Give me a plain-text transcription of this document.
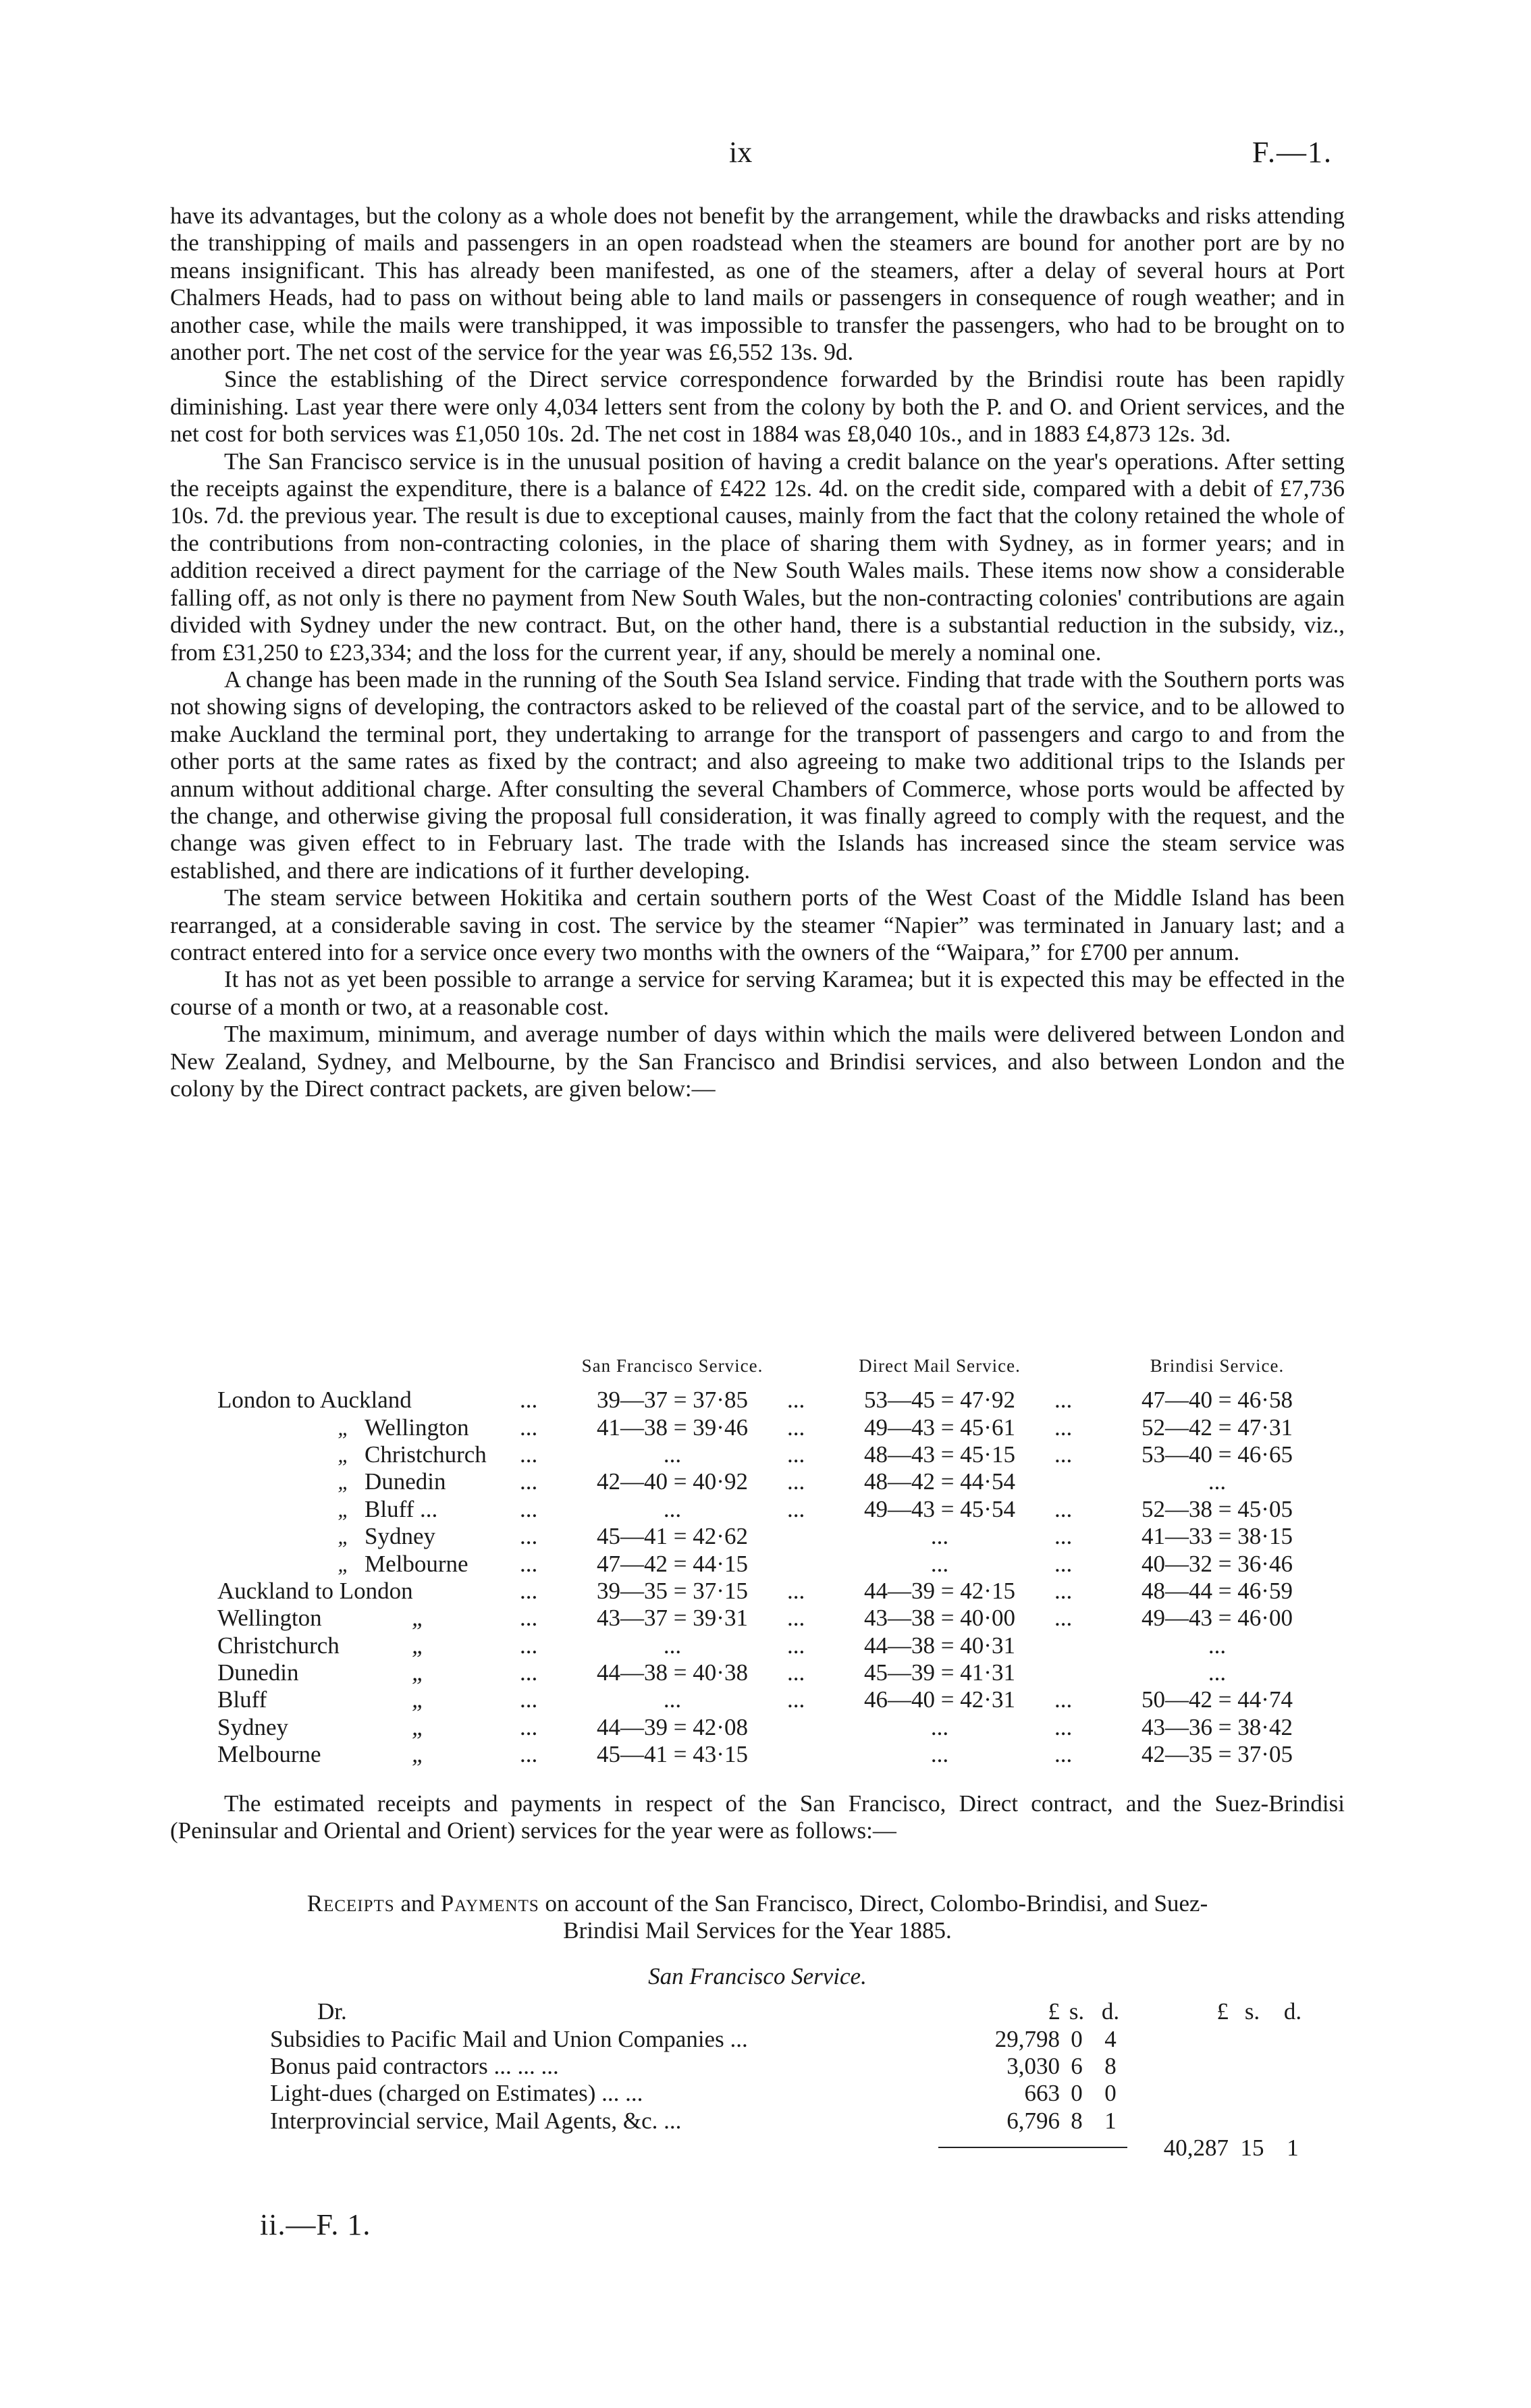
ix	F.—1.

have its advantages, but the colony as a whole does not benefit by the arrangement, while the drawbacks and risks attending the transhipping of mails and passengers in an open roadstead when the steamers are bound for another port are by no means insignificant. This has already been manifested, as one of the steamers, after a delay of several hours at Port Chalmers Heads, had to pass on without being able to land mails or passengers in consequence of rough weather; and in another case, while the mails were transhipped, it was impossible to transfer the passengers, who had to be brought on to another port. The net cost of the service for the year was £6,552 13s. 9d.

Since the establishing of the Direct service correspondence forwarded by the Brindisi route has been rapidly diminishing. Last year there were only 4,034 letters sent from the colony by both the P. and O. and Orient services, and the net cost for both services was £1,050 10s. 2d. The net cost in 1884 was £8,040 10s., and in 1883 £4,873 12s. 3d.

The San Francisco service is in the unusual position of having a credit balance on the year's operations. After setting the receipts against the expenditure, there is a balance of £422 12s. 4d. on the credit side, compared with a debit of £7,736 10s. 7d. the previous year. The result is due to exceptional causes, mainly from the fact that the colony retained the whole of the contributions from non-contracting colonies, in the place of sharing them with Sydney, as in former years; and in addition received a direct payment for the carriage of the New South Wales mails. These items now show a considerable falling off, as not only is there no payment from New South Wales, but the non-contracting colonies' contributions are again divided with Sydney under the new contract. But, on the other hand, there is a substantial reduction in the subsidy, viz., from £31,250 to £23,334; and the loss for the current year, if any, should be merely a nominal one.

A change has been made in the running of the South Sea Island service. Finding that trade with the Southern ports was not showing signs of developing, the contractors asked to be relieved of the coastal part of the service, and to be allowed to make Auckland the terminal port, they undertaking to arrange for the transport of passengers and cargo to and from the other ports at the same rates as fixed by the contract; and also agreeing to make two additional trips to the Islands per annum without additional charge. After consulting the several Chambers of Commerce, whose ports would be affected by the change, and otherwise giving the proposal full consideration, it was finally agreed to comply with the request, and the change was given effect to in February last. The trade with the Islands has increased since the steam service was established, and there are indications of it further developing.

The steam service between Hokitika and certain southern ports of the West Coast of the Middle Island has been rearranged, at a considerable saving in cost. The service by the steamer “Napier” was terminated in January last; and a contract entered into for a service once every two months with the owners of the “Waipara,” for £700 per annum.

It has not as yet been possible to arrange a service for serving Karamea; but it is expected this may be effected in the course of a month or two, at a reasonable cost.

The maximum, minimum, and average number of days within which the mails were delivered between London and New Zealand, Sydney, and Melbourne, by the San Francisco and Brindisi services, and also between London and the colony by the Direct contract packets, are given below:—

		San Francisco Service.		Direct Mail Service.		Brindisi Service.
London to Auckland	...	39—37 = 37·85	...	53—45 = 47·92	...	47—40 = 46·58
„ Wellington	...	41—38 = 39·46	...	49—43 = 45·61	...	52—42 = 47·31
„ Christchurch	...	...	...	48—43 = 45·15	...	53—40 = 46·65
„ Dunedin	...	42—40 = 40·92	...	48—42 = 44·54		...
„ Bluff ...	...	...	...	49—43 = 45·54	...	52—38 = 45·05
„ Sydney	...	45—41 = 42·62		...	...	41—33 = 38·15
„ Melbourne	...	47—42 = 44·15		...	...	40—32 = 36·46
Auckland to London	...	39—35 = 37·15	...	44—39 = 42·15	...	48—44 = 46·59
Wellington „	...	43—37 = 39·31	...	43—38 = 40·00	...	49—43 = 46·00
Christchurch „	...	...	...	44—38 = 40·31		...
Dunedin „	...	44—38 = 40·38	...	45—39 = 41·31		...
Bluff „	...	...	...	46—40 = 42·31	...	50—42 = 44·74
Sydney „	...	44—39 = 42·08		...	...	43—36 = 38·42
Melbourne „	...	45—41 = 43·15		...	...	42—35 = 37·05

The estimated receipts and payments in respect of the San Francisco, Direct contract, and the Suez-Brindisi (Peninsular and Oriental and Orient) services for the year were as follows:—

Receipts and Payments on account of the San Francisco, Direct, Colombo-Brindisi, and Suez-
Brindisi Mail Services for the Year 1885.
San Francisco Service.
Dr.	£	s.	d.	£	s.	d.
Subsidies to Pacific Mail and Union Companies ...	29,798	0	4			
Bonus paid contractors ... ... ...	3,030	6	8			
Light-dues (charged on Estimates) ... ...	663	0	0			
Interprovincial service, Mail Agents, &c. ...	6,796	8	1			

			40,287	15	1
ii.—F. 1.
